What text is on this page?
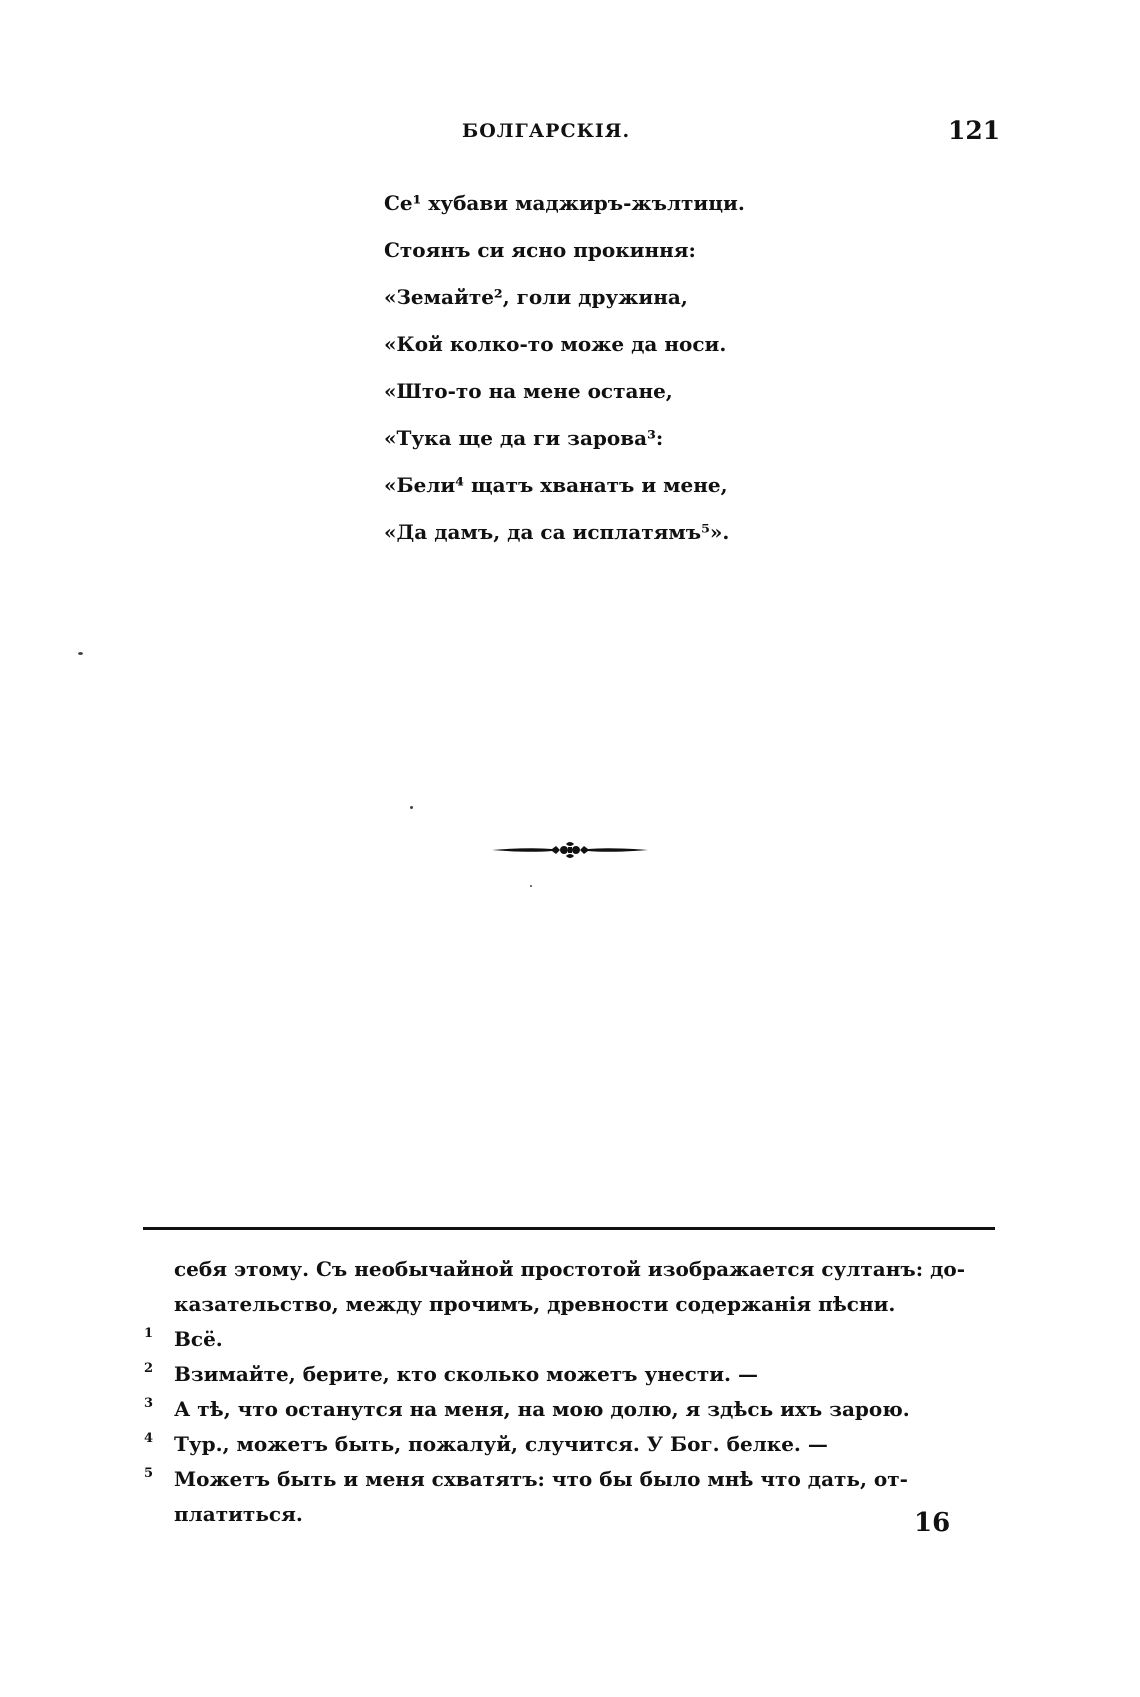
БОЛГАРСКІЯ.	121
Се¹ хубави маджиръ-жълтици.
Стоянъ си ясно прокиння:
«Земайте², голи дружина,
«Кой колко-то може да носи.
«Што-то на мене остане,
«Тука ще да ги зарова³:
«Бели⁴ щатъ хванатъ и мене,
«Да дамъ, да са исплатямъ⁵».
себя этому. Съ необычайной простотой изображается султанъ: до-
казательство, между прочимъ, древности содержанія пѣсни.
1 Всё.
2 Взимайте, берите, кто сколько можетъ унести. —
3 А тѣ, что останутся на меня, на мою долю, я здѣсь ихъ зарою.
4 Тур., можетъ быть, пожалуй, случится. У Бог. белке. —
5 Можетъ быть и меня схватятъ: что бы было мнѣ что дать, от-
платиться.	16
